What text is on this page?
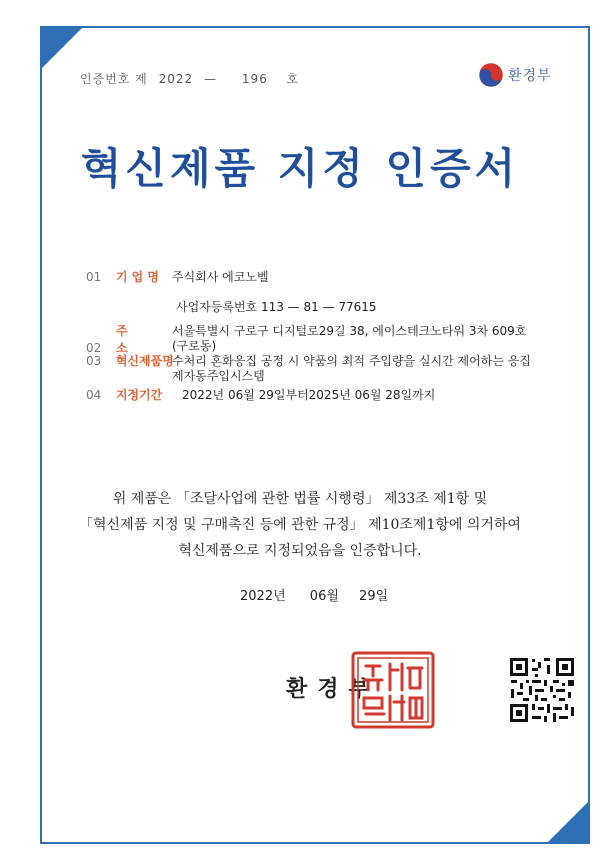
인증번호 제 2022 — 196 호	환경부
혁신제품 지정 인증서
01 기 업 명 주식회사 에코노벨
사업자등록번호 113 — 81 — 77615
02 주 소
서울특별시 구로구 디지털로29길 38, 에이스테크노타워 3차 609호
(구로동)
03 혁신제품명
수처리 혼화응집 공정 시 약품의 최적 주입량을 실시간 제어하는 응집
제자동주입시스템
04 지정기간 2022년 06월 29일부터2025년 06월 28일까지
위 제품은 「조달사업에 관한 법률 시행령」 제33조 제1항 및
「혁신제품 지정 및 구매촉진 등에 관한 규정」 제10조제1항에 의거하여
혁신제품으로 지정되었음을 인증합니다.
2022년 06월 29일
환경부
